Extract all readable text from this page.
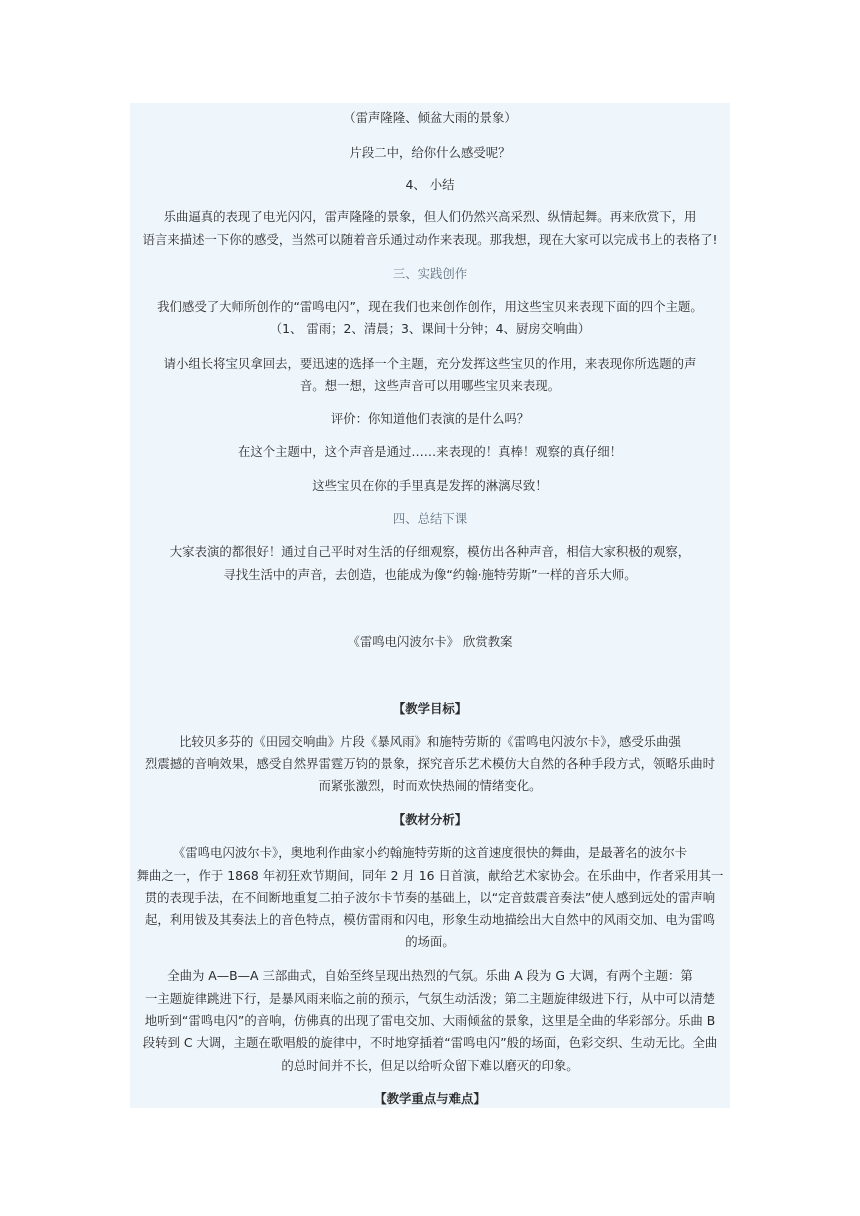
（雷声隆隆、倾盆大雨的景象）
片段二中，给你什么感受呢？
4、 小结
乐曲逼真的表现了电光闪闪，雷声隆隆的景象，但人们仍然兴高采烈、纵情起舞。再来欣赏下，用
语言来描述一下你的感受，当然可以随着音乐通过动作来表现。那我想，现在大家可以完成书上的表格了!
三、实践创作
我们感受了大师所创作的“雷鸣电闪”，现在我们也来创作创作，用这些宝贝来表现下面的四个主题。
（1、 雷雨；2、清晨；3、课间十分钟；4、厨房交响曲）
请小组长将宝贝拿回去，要迅速的选择一个主题，充分发挥这些宝贝的作用，来表现你所选题的声
音。想一想，这些声音可以用哪些宝贝来表现。
评价：你知道他们表演的是什么吗？
在这个主题中，这个声音是通过……来表现的！真棒！观察的真仔细！
这些宝贝在你的手里真是发挥的淋漓尽致！
四、总结下课
大家表演的都很好！通过自己平时对生活的仔细观察，模仿出各种声音，相信大家积极的观察，
寻找生活中的声音，去创造，也能成为像“约翰·施特劳斯”一样的音乐大师。
《雷鸣电闪波尔卡》 欣赏教案
【教学目标】
比较贝多芬的《田园交响曲》片段《暴风雨》和施特劳斯的《雷鸣电闪波尔卡》，感受乐曲强
烈震撼的音响效果，感受自然界雷霆万钧的景象，探究音乐艺术模仿大自然的各种手段方式，领略乐曲时
而紧张激烈，时而欢快热闹的情绪变化。
【教材分析】
《雷鸣电闪波尔卡》，奥地利作曲家小约翰施特劳斯的这首速度很快的舞曲，是最著名的波尔卡
舞曲之一，作于 1868 年初狂欢节期间，同年 2 月 16 日首演，献给艺术家协会。在乐曲中，作者采用其一
贯的表现手法，在不间断地重复二拍子波尔卡节奏的基础上，以“定音鼓震音奏法”使人感到远处的雷声响
起，利用钹及其奏法上的音色特点，模仿雷雨和闪电，形象生动地描绘出大自然中的风雨交加、电为雷鸣
的场面。
全曲为 A—B—A 三部曲式，自始至终呈现出热烈的气氛。乐曲 A 段为 G 大调，有两个主题：第
一主题旋律跳进下行，是暴风雨来临之前的预示，气氛生动活泼；第二主题旋律级进下行，从中可以清楚
地听到“雷鸣电闪”的音响，仿佛真的出现了雷电交加、大雨倾盆的景象，这里是全曲的华彩部分。乐曲 B
段转到 C 大调，主题在歌唱般的旋律中，不时地穿插着“雷鸣电闪”般的场面，色彩交织、生动无比。全曲
的总时间并不长，但足以给听众留下难以磨灭的印象。
【教学重点与难点】
